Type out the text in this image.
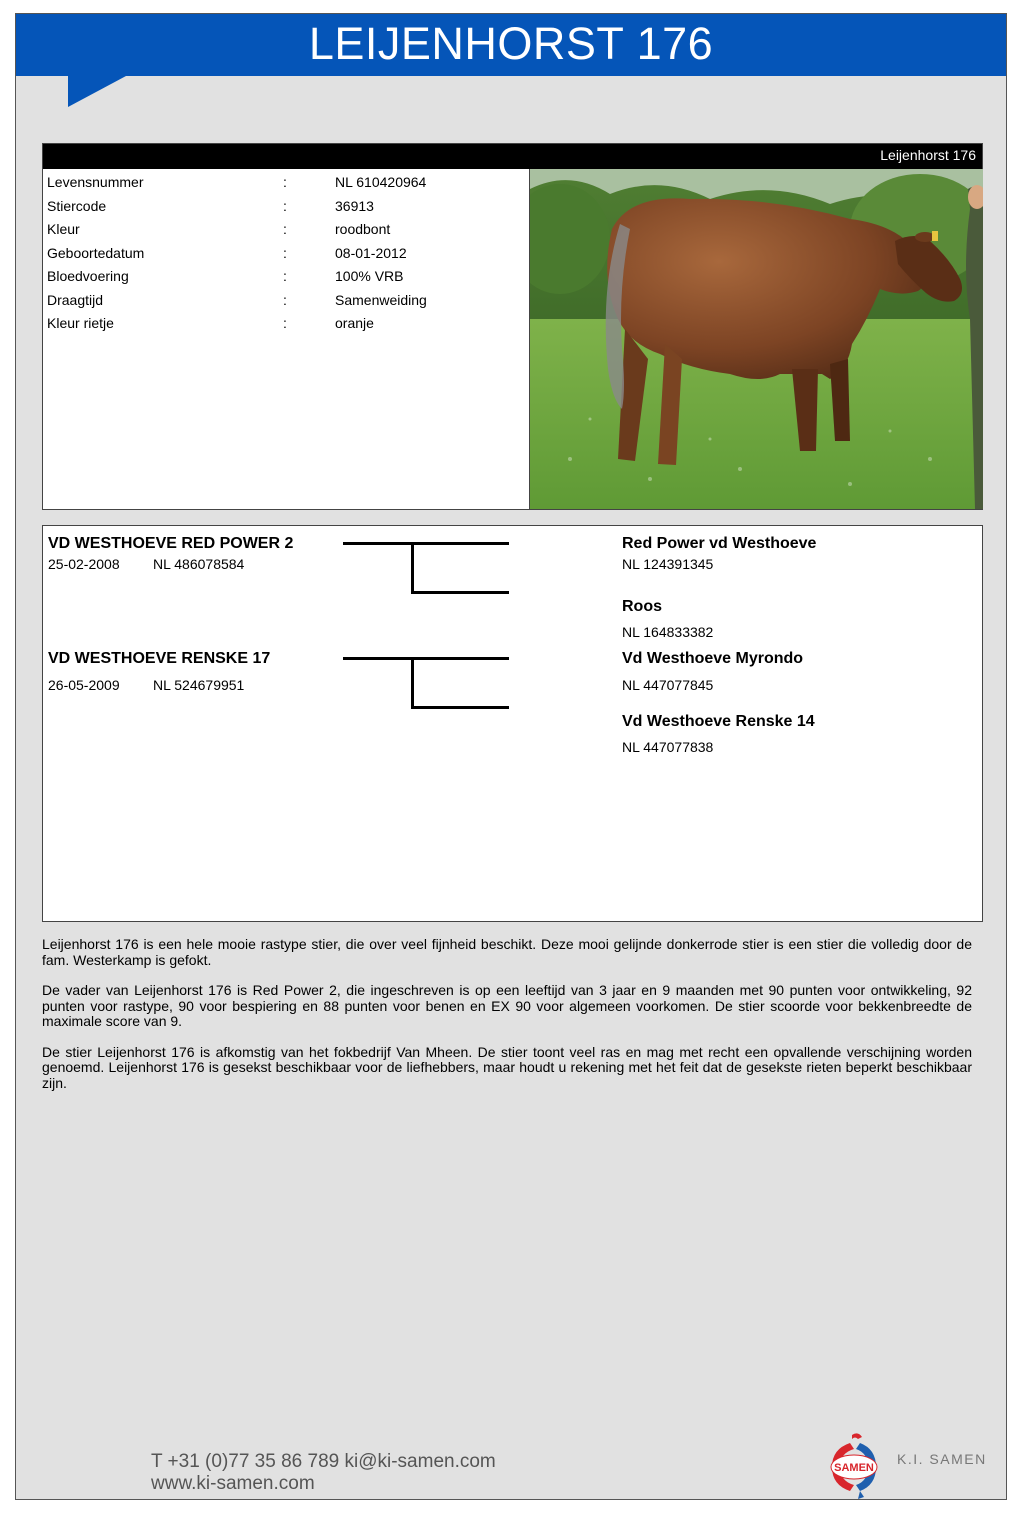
LEIJENHORST 176
Leijenhorst 176
Levensnummer	:	NL 610420964
Stiercode	:	36913
Kleur	:	roodbont
Geboortedatum	:	08-01-2012
Bloedvoering	:	100% VRB
Draagtijd	:	Samenweiding
Kleur rietje	:	oranje
VD WESTHOEVE RED POWER 2
25-02-2008 NL 486078584
VD WESTHOEVE RENSKE 17
26-05-2009 NL 524679951
Red Power vd Westhoeve
NL 124391345
Roos
NL 164833382
Vd Westhoeve Myrondo
NL 447077845
Vd Westhoeve Renske 14
NL 447077838

Leijenhorst 176 is een hele mooie rastype stier, die over veel fijnheid beschikt. Deze mooi gelijnde donkerrode stier is een stier die volledig door de fam. Westerkamp is gefokt.

De vader van Leijenhorst 176 is Red Power 2, die ingeschreven is op een leeftijd van 3 jaar en 9 maanden met 90 punten voor ontwikkeling, 92 punten voor rastype, 90 voor bespiering en 88 punten voor benen en EX 90 voor algemeen voorkomen. De stier scoorde voor bekkenbreedte de maximale score van 9.

De stier Leijenhorst 176 is afkomstig van het fokbedrijf Van Mheen. De stier toont veel ras en mag met recht een opvallende verschijning worden genoemd. Leijenhorst 176 is gesekst beschikbaar voor de liefhebbers, maar houdt u rekening met het feit dat de gesekste rieten beperkt beschikbaar zijn.

T +31 (0)77 35 86 789 ki@ki-samen.com
www.ki-samen.com
SAMEN
K.I. SAMEN
